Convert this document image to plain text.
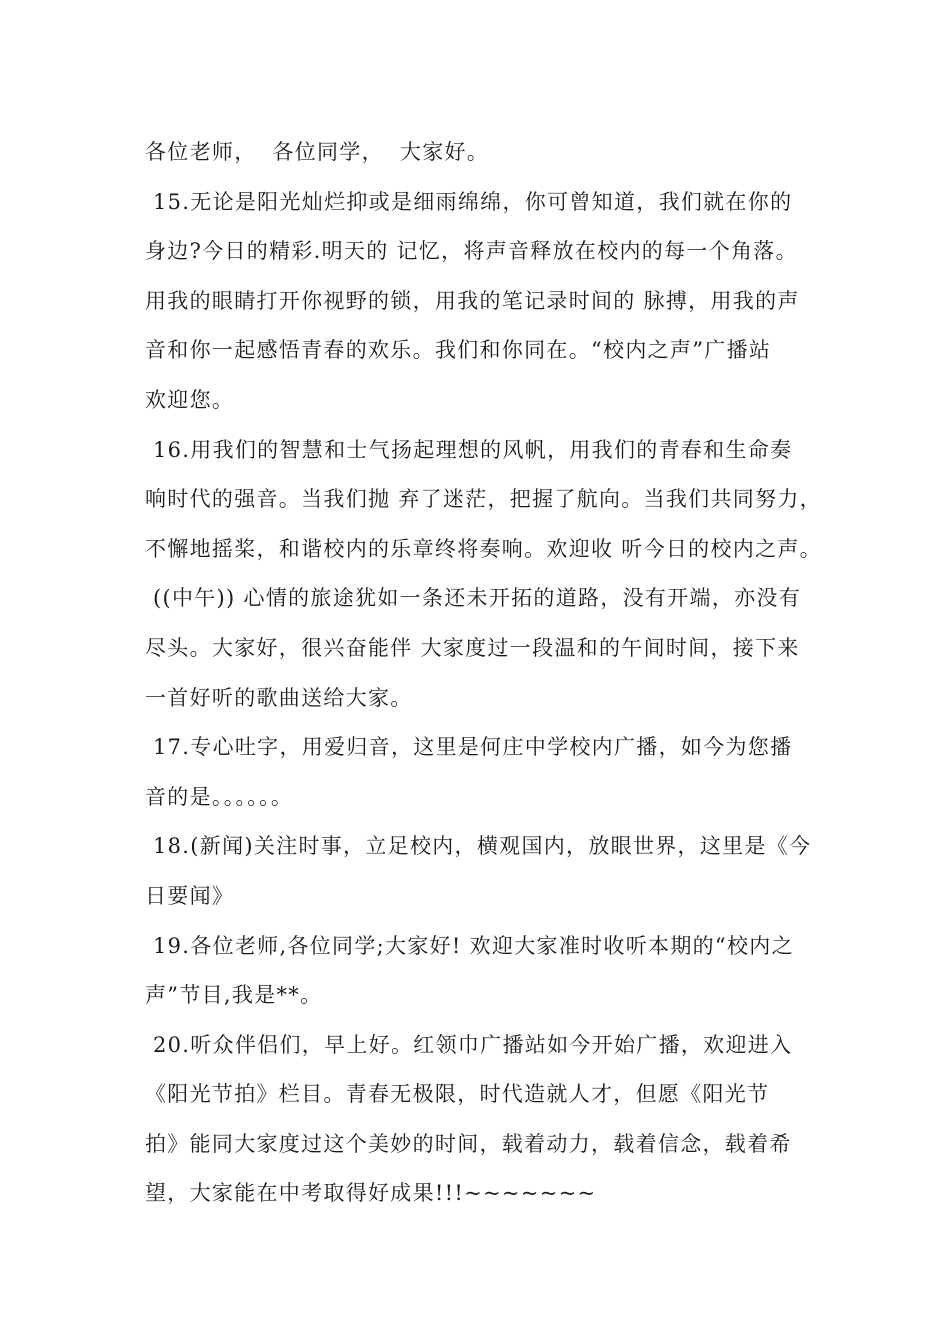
各位老师，  各位同学，  大家好。
15.无论是阳光灿烂抑或是细雨绵绵，你可曾知道，我们就在你的
身边?今日的精彩.明天的 记忆，将声音释放在校内的每一个角落。
用我的眼睛打开你视野的锁，用我的笔记录时间的 脉搏，用我的声
音和你一起感悟青春的欢乐。我们和你同在。“校内之声”广播站
欢迎您。
16.用我们的智慧和士气扬起理想的风帆，用我们的青春和生命奏
响时代的强音。当我们抛 弃了迷茫，把握了航向。当我们共同努力，
不懈地摇桨，和谐校内的乐章终将奏响。欢迎收 听今日的校内之声。
((中午)) 心情的旅途犹如一条还未开拓的道路，没有开端，亦没有
尽头。大家好，很兴奋能伴 大家度过一段温和的午间时间，接下来
一首好听的歌曲送给大家。
17.专心吐字，用爱归音，这里是何庄中学校内广播，如今为您播
音的是。。。。。。
18.(新闻)关注时事，立足校内，横观国内，放眼世界，这里是《今
日要闻》
19.各位老师,各位同学;大家好! 欢迎大家准时收听本期的“校内之
声”节目,我是**。
20.听众伴侣们，早上好。红领巾广播站如今开始广播，欢迎进入
《阳光节拍》栏目。青春无极限，时代造就人才，但愿《阳光节
拍》能同大家度过这个美妙的时间，载着动力，载着信念，载着希
望，大家能在中考取得好成果!!!~~~~~~~
